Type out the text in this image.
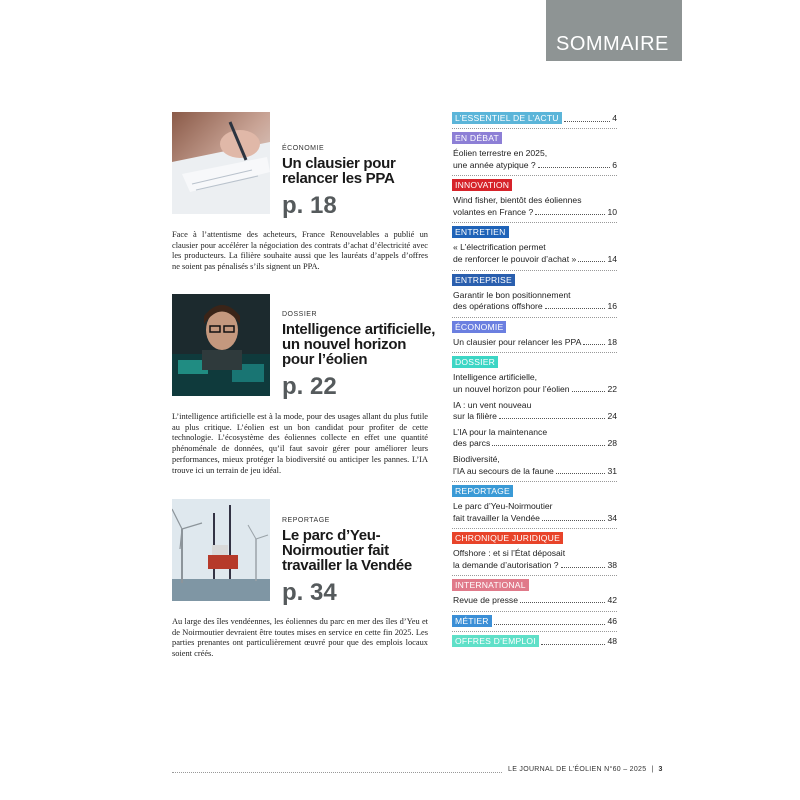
SOMMAIRE
ÉCONOMIE
Un clausier pour relancer les PPA
p. 18
Face à l’attentisme des acheteurs, France Renouvelables a publié un clausier pour accélérer la négociation des contrats d’achat d’électricité avec les producteurs. La filière souhaite aussi que les lauréats d’appels d’offres ne soient pas pénalisés s’ils signent un PPA.
DOSSIER
Intelligence artificielle, un nouvel horizon pour l’éolien
p. 22
L’intelligence artificielle est à la mode, pour des usages allant du plus futile au plus critique. L’éolien est un bon candidat pour profiter de cette technologie. L’écosystème des éoliennes collecte en effet une quantité phénoménale de données, qu’il faut savoir gérer pour améliorer leurs performances, mieux protéger la biodiversité ou anticiper les pannes. L’IA trouve ici un terrain de jeu idéal.
REPORTAGE
Le parc d’Yeu-Noirmoutier fait travailler la Vendée
p. 34
Au large des îles vendéennes, les éoliennes du parc en mer des îles d’Yeu et de Noirmoutier devraient être toutes mises en service en cette fin 2025. Les parties prenantes ont particulièrement œuvré pour que des emplois locaux soient créés.
L’ESSENTIEL DE L’ACTU	4
EN DÉBAT
Éolien terrestre en 2025,
une année atypique ?	6
INNOVATION
Wind fisher, bientôt des éoliennes
volantes en France ?	10
ENTRETIEN
« L’électrification permet
de renforcer le pouvoir d’achat »	14
ENTREPRISE
Garantir le bon positionnement
des opérations offshore	16
ÉCONOMIE
Un clausier pour relancer les PPA	18
DOSSIER
Intelligence artificielle,
un nouvel horizon pour l’éolien	22
IA : un vent nouveau
sur la filière	24
L’IA pour la maintenance
des parcs	28
Biodiversité,
l’IA au secours de la faune	31
REPORTAGE
Le parc d’Yeu-Noirmoutier
fait travailler la Vendée	34
CHRONIQUE JURIDIQUE
Offshore : et si l’État déposait
la demande d’autorisation ?	38
INTERNATIONAL
Revue de presse	42
MÉTIER	46
OFFRES D’EMPLOI	48
LE JOURNAL DE L’ÉOLIEN N°60 – 2025 | 3
